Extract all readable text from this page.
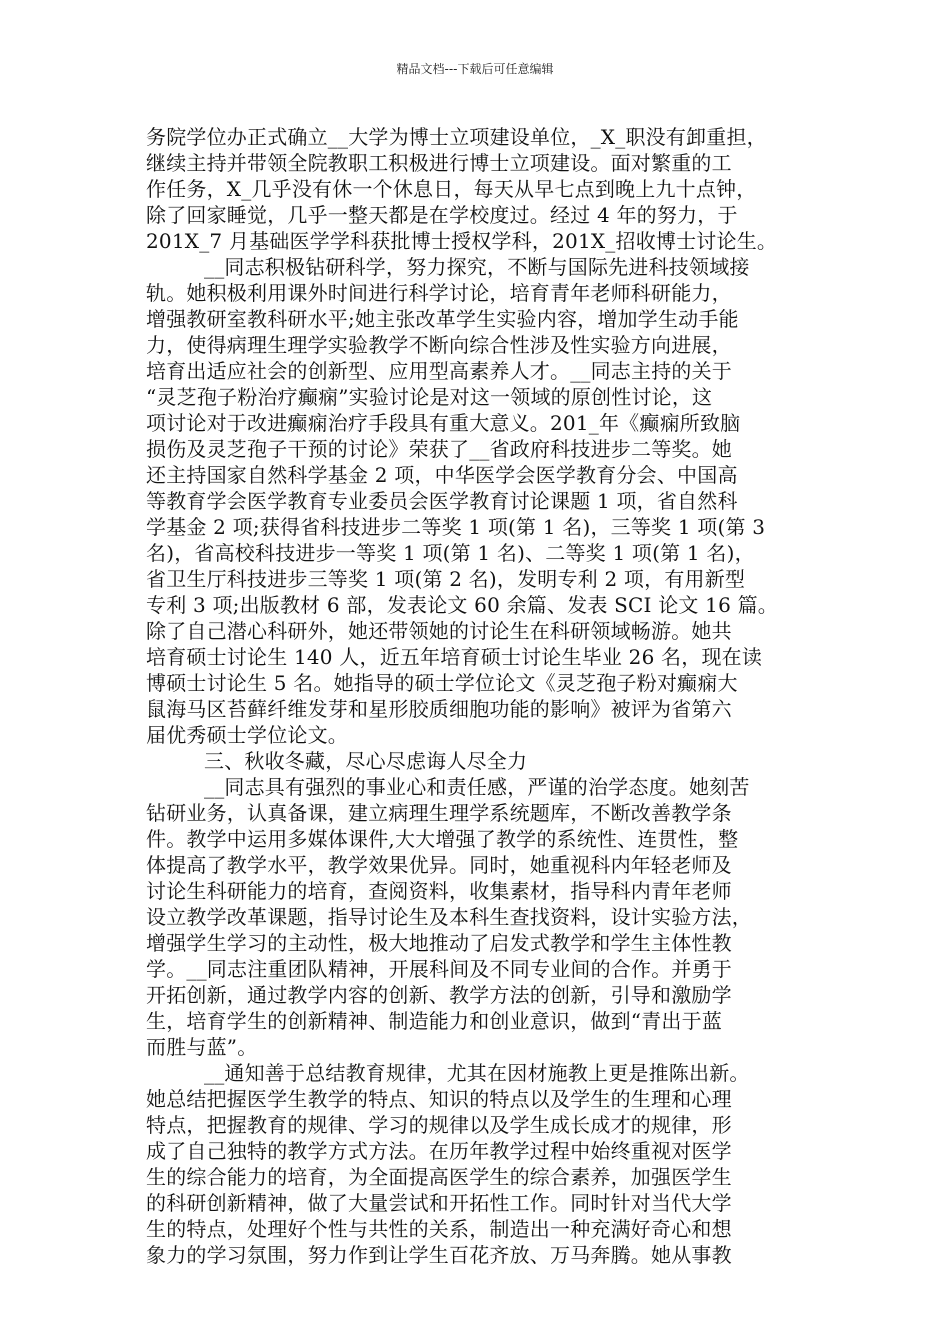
精品文档---下载后可任意编辑
务院学位办正式确立__大学为博士立项建设单位，_X_职没有卸重担，
继续主持并带领全院教职工积极进行博士立项建设。面对繁重的工
作任务，X_几乎没有休一个休息日，每天从早七点到晚上九十点钟，
除了回家睡觉，几乎一整天都是在学校度过。经过 4 年的努力，于
201X_7 月基础医学学科获批博士授权学科，201X_招收博士讨论生。
__同志积极钻研科学，努力探究，不断与国际先进科技领域接
轨。她积极利用课外时间进行科学讨论，培育青年老师科研能力，
增强教研室教科研水平;她主张改革学生实验内容，增加学生动手能
力，使得病理生理学实验教学不断向综合性涉及性实验方向进展，
培育出适应社会的创新型、应用型高素养人才。__同志主持的关于
“灵芝孢子粉治疗癫痫”实验讨论是对这一领域的原创性讨论，这
项讨论对于改进癫痫治疗手段具有重大意义。201_年《癫痫所致脑
损伤及灵芝孢子干预的讨论》荣获了__省政府科技进步二等奖。她
还主持国家自然科学基金 2 项，中华医学会医学教育分会、中国高
等教育学会医学教育专业委员会医学教育讨论课题 1 项，省自然科
学基金 2 项;获得省科技进步二等奖 1 项(第 1 名)，三等奖 1 项(第 3
名)，省高校科技进步一等奖 1 项(第 1 名)、二等奖 1 项(第 1 名)，
省卫生厅科技进步三等奖 1 项(第 2 名)，发明专利 2 项，有用新型
专利 3 项;出版教材 6 部，发表论文 60 余篇、发表 SCI 论文 16 篇。
除了自己潜心科研外，她还带领她的讨论生在科研领域畅游。她共
培育硕士讨论生 140 人，近五年培育硕士讨论生毕业 26 名，现在读
博硕士讨论生 5 名。她指导的硕士学位论文《灵芝孢子粉对癫痫大
鼠海马区苔藓纤维发芽和星形胶质细胞功能的影响》被评为省第六
届优秀硕士学位论文。
三、秋收冬藏，尽心尽虑诲人尽全力
__同志具有强烈的事业心和责任感，严谨的治学态度。她刻苦
钻研业务，认真备课，建立病理生理学系统题库，不断改善教学条
件。教学中运用多媒体课件,大大增强了教学的系统性、连贯性，整
体提高了教学水平，教学效果优异。同时，她重视科内年轻老师及
讨论生科研能力的培育，查阅资料，收集素材，指导科内青年老师
设立教学改革课题，指导讨论生及本科生查找资料，设计实验方法，
增强学生学习的主动性，极大地推动了启发式教学和学生主体性教
学。__同志注重团队精神，开展科间及不同专业间的合作。并勇于
开拓创新，通过教学内容的创新、教学方法的创新，引导和激励学
生，培育学生的创新精神、制造能力和创业意识，做到“青出于蓝
而胜与蓝”。
__通知善于总结教育规律，尤其在因材施教上更是推陈出新。
她总结把握医学生教学的特点、知识的特点以及学生的生理和心理
特点，把握教育的规律、学习的规律以及学生成长成才的规律，形
成了自己独特的教学方式方法。在历年教学过程中始终重视对医学
生的综合能力的培育，为全面提高医学生的综合素养，加强医学生
的科研创新精神，做了大量尝试和开拓性工作。同时针对当代大学
生的特点，处理好个性与共性的关系，制造出一种充满好奇心和想
象力的学习氛围，努力作到让学生百花齐放、万马奔腾。她从事教
